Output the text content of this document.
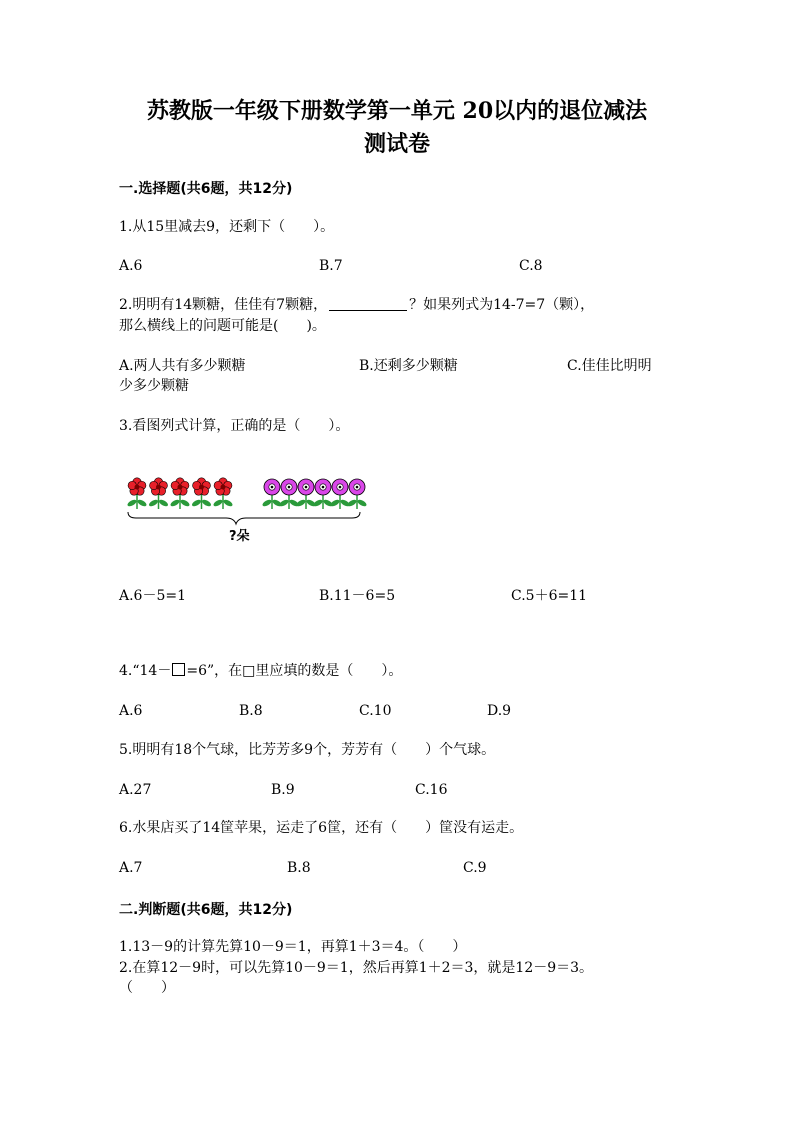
苏教版一年级下册数学第一单元 20以内的退位减法
测试卷
一.选择题(共6题，共12分)
1.从15里减去9，还剩下（　　）。
A.6	B.7	C.8
2.明明有14颗糖，佳佳有7颗糖，	？如果列式为14-7=7（颗），
那么横线上的问题可能是(　　)。
A.两人共有多少颗糖	B.还剩多少颗糖	C.佳佳比明明
少多少颗糖
3.看图列式计算，正确的是（　　）。
?朵
A.6－5=1	B.11－6=5	C.5＋6=11
4.“14－ =6”，在□里应填的数是（　　）。
A.6	B.8	C.10	D.9
5.明明有18个气球，比芳芳多9个，芳芳有（　　）个气球。
A.27	B.9	C.16
6.水果店买了14筐苹果，运走了6筐，还有（　　）筐没有运走。
A.7	B.8	C.9
二.判断题(共6题，共12分)
1.13－9的计算先算10－9＝1，再算1＋3＝4。（　　）
2.在算12－9时，可以先算10－9＝1，然后再算1＋2＝3，就是12－9＝3。
（　　）
